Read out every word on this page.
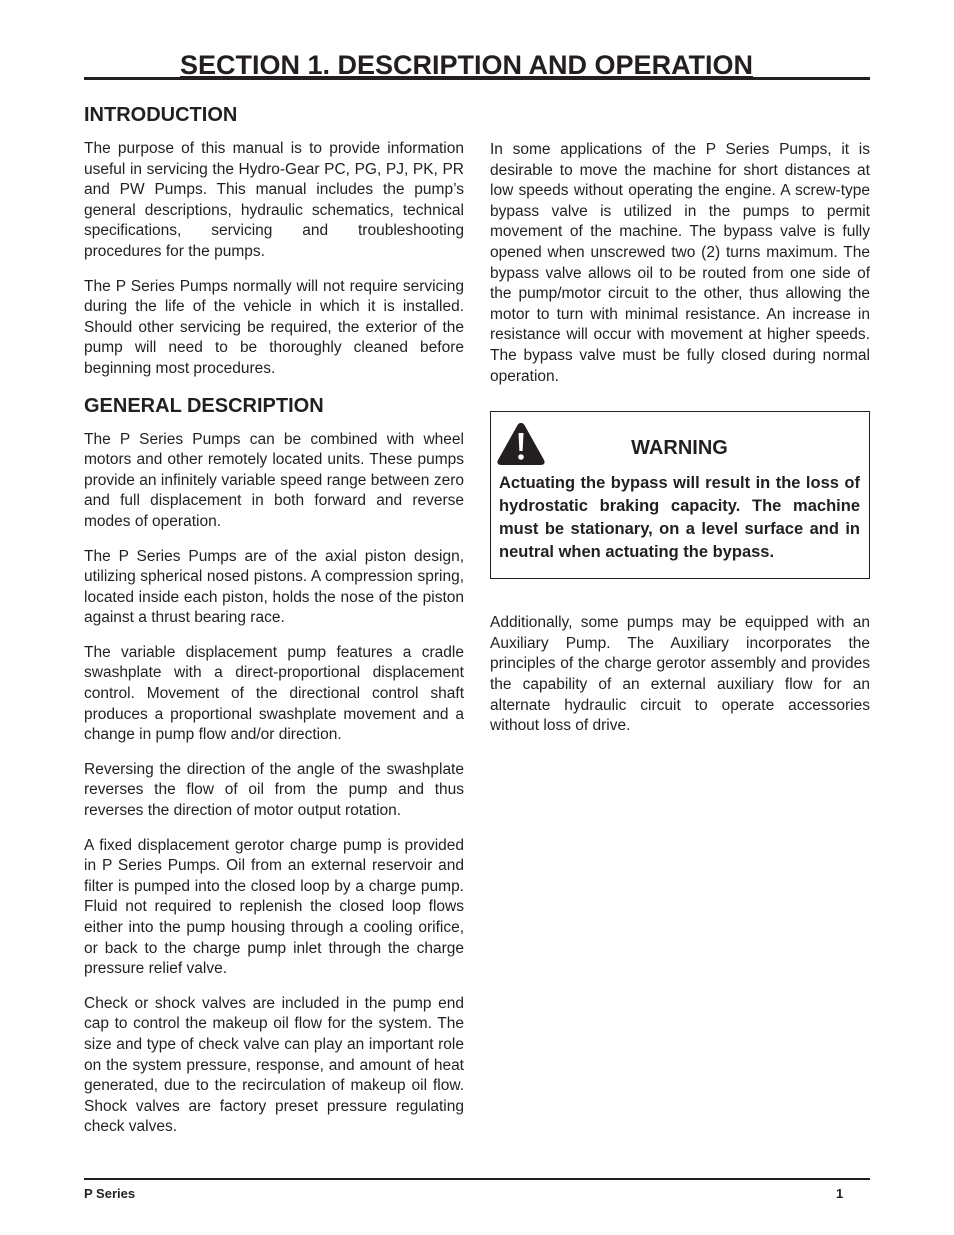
SECTION 1. DESCRIPTION AND OPERATION
INTRODUCTION

The purpose of this manual is to provide information useful in servicing the Hydro-Gear PC, PG, PJ, PK, PR and PW Pumps. This manual includes the pump’s general descriptions, hydraulic schematics, technical specifications, servicing and troubleshooting procedures for the pumps.

The P Series Pumps normally will not require servicing during the life of the vehicle in which it is installed. Should other servicing be required, the exterior of the pump will need to be thoroughly cleaned before beginning most procedures.

GENERAL DESCRIPTION

The P Series Pumps can be combined with wheel motors and other remotely located units. These pumps provide an infinitely variable speed range between zero and full displacement in both forward and reverse modes of operation.

The P Series Pumps are of the axial piston design, utilizing spherical nosed pistons. A compression spring, located inside each piston, holds the nose of the piston against a thrust bearing race.

The variable displacement pump features a cradle swashplate with a direct-proportional displacement control. Movement of the directional control shaft produces a proportional swashplate movement and a change in pump flow and/or direction.

Reversing the direction of the angle of the swashplate reverses the flow of oil from the pump and thus reverses the direction of motor output rotation.

A fixed displacement gerotor charge pump is provided in P Series Pumps. Oil from an external reservoir and filter is pumped into the closed loop by a charge pump. Fluid not required to replenish the closed loop flows either into the pump housing through a cooling orifice, or back to the charge pump inlet through the charge pressure relief valve.

Check or shock valves are included in the pump end cap to control the makeup oil flow for the system. The size and type of check valve can play an important role on the system pressure, response, and amount of heat generated, due to the recirculation of makeup oil flow. Shock valves are factory preset pressure regulating check valves.

In some applications of the P Series Pumps, it is desirable to move the machine for short distances at low speeds without operating the engine. A screw-type bypass valve is utilized in the pumps to permit movement of the machine. The bypass valve is fully opened when unscrewed two (2) turns maximum. The bypass valve allows oil to be routed from one side of the pump/motor circuit to the other, thus allowing the motor to turn with minimal resistance. An increase in resistance will occur with movement at higher speeds. The bypass valve must be fully closed during normal operation.

WARNING

Actuating the bypass will result in the loss of hydrostatic braking capacity. The machine must be stationary, on a level surface and in neutral when actuating the bypass.

Additionally, some pumps may be equipped with an Auxiliary Pump. The Auxiliary incorporates the principles of the charge gerotor assembly and provides the capability of an external auxiliary flow for an alternate hydraulic circuit to operate accessories without loss of drive.

P Series	1
